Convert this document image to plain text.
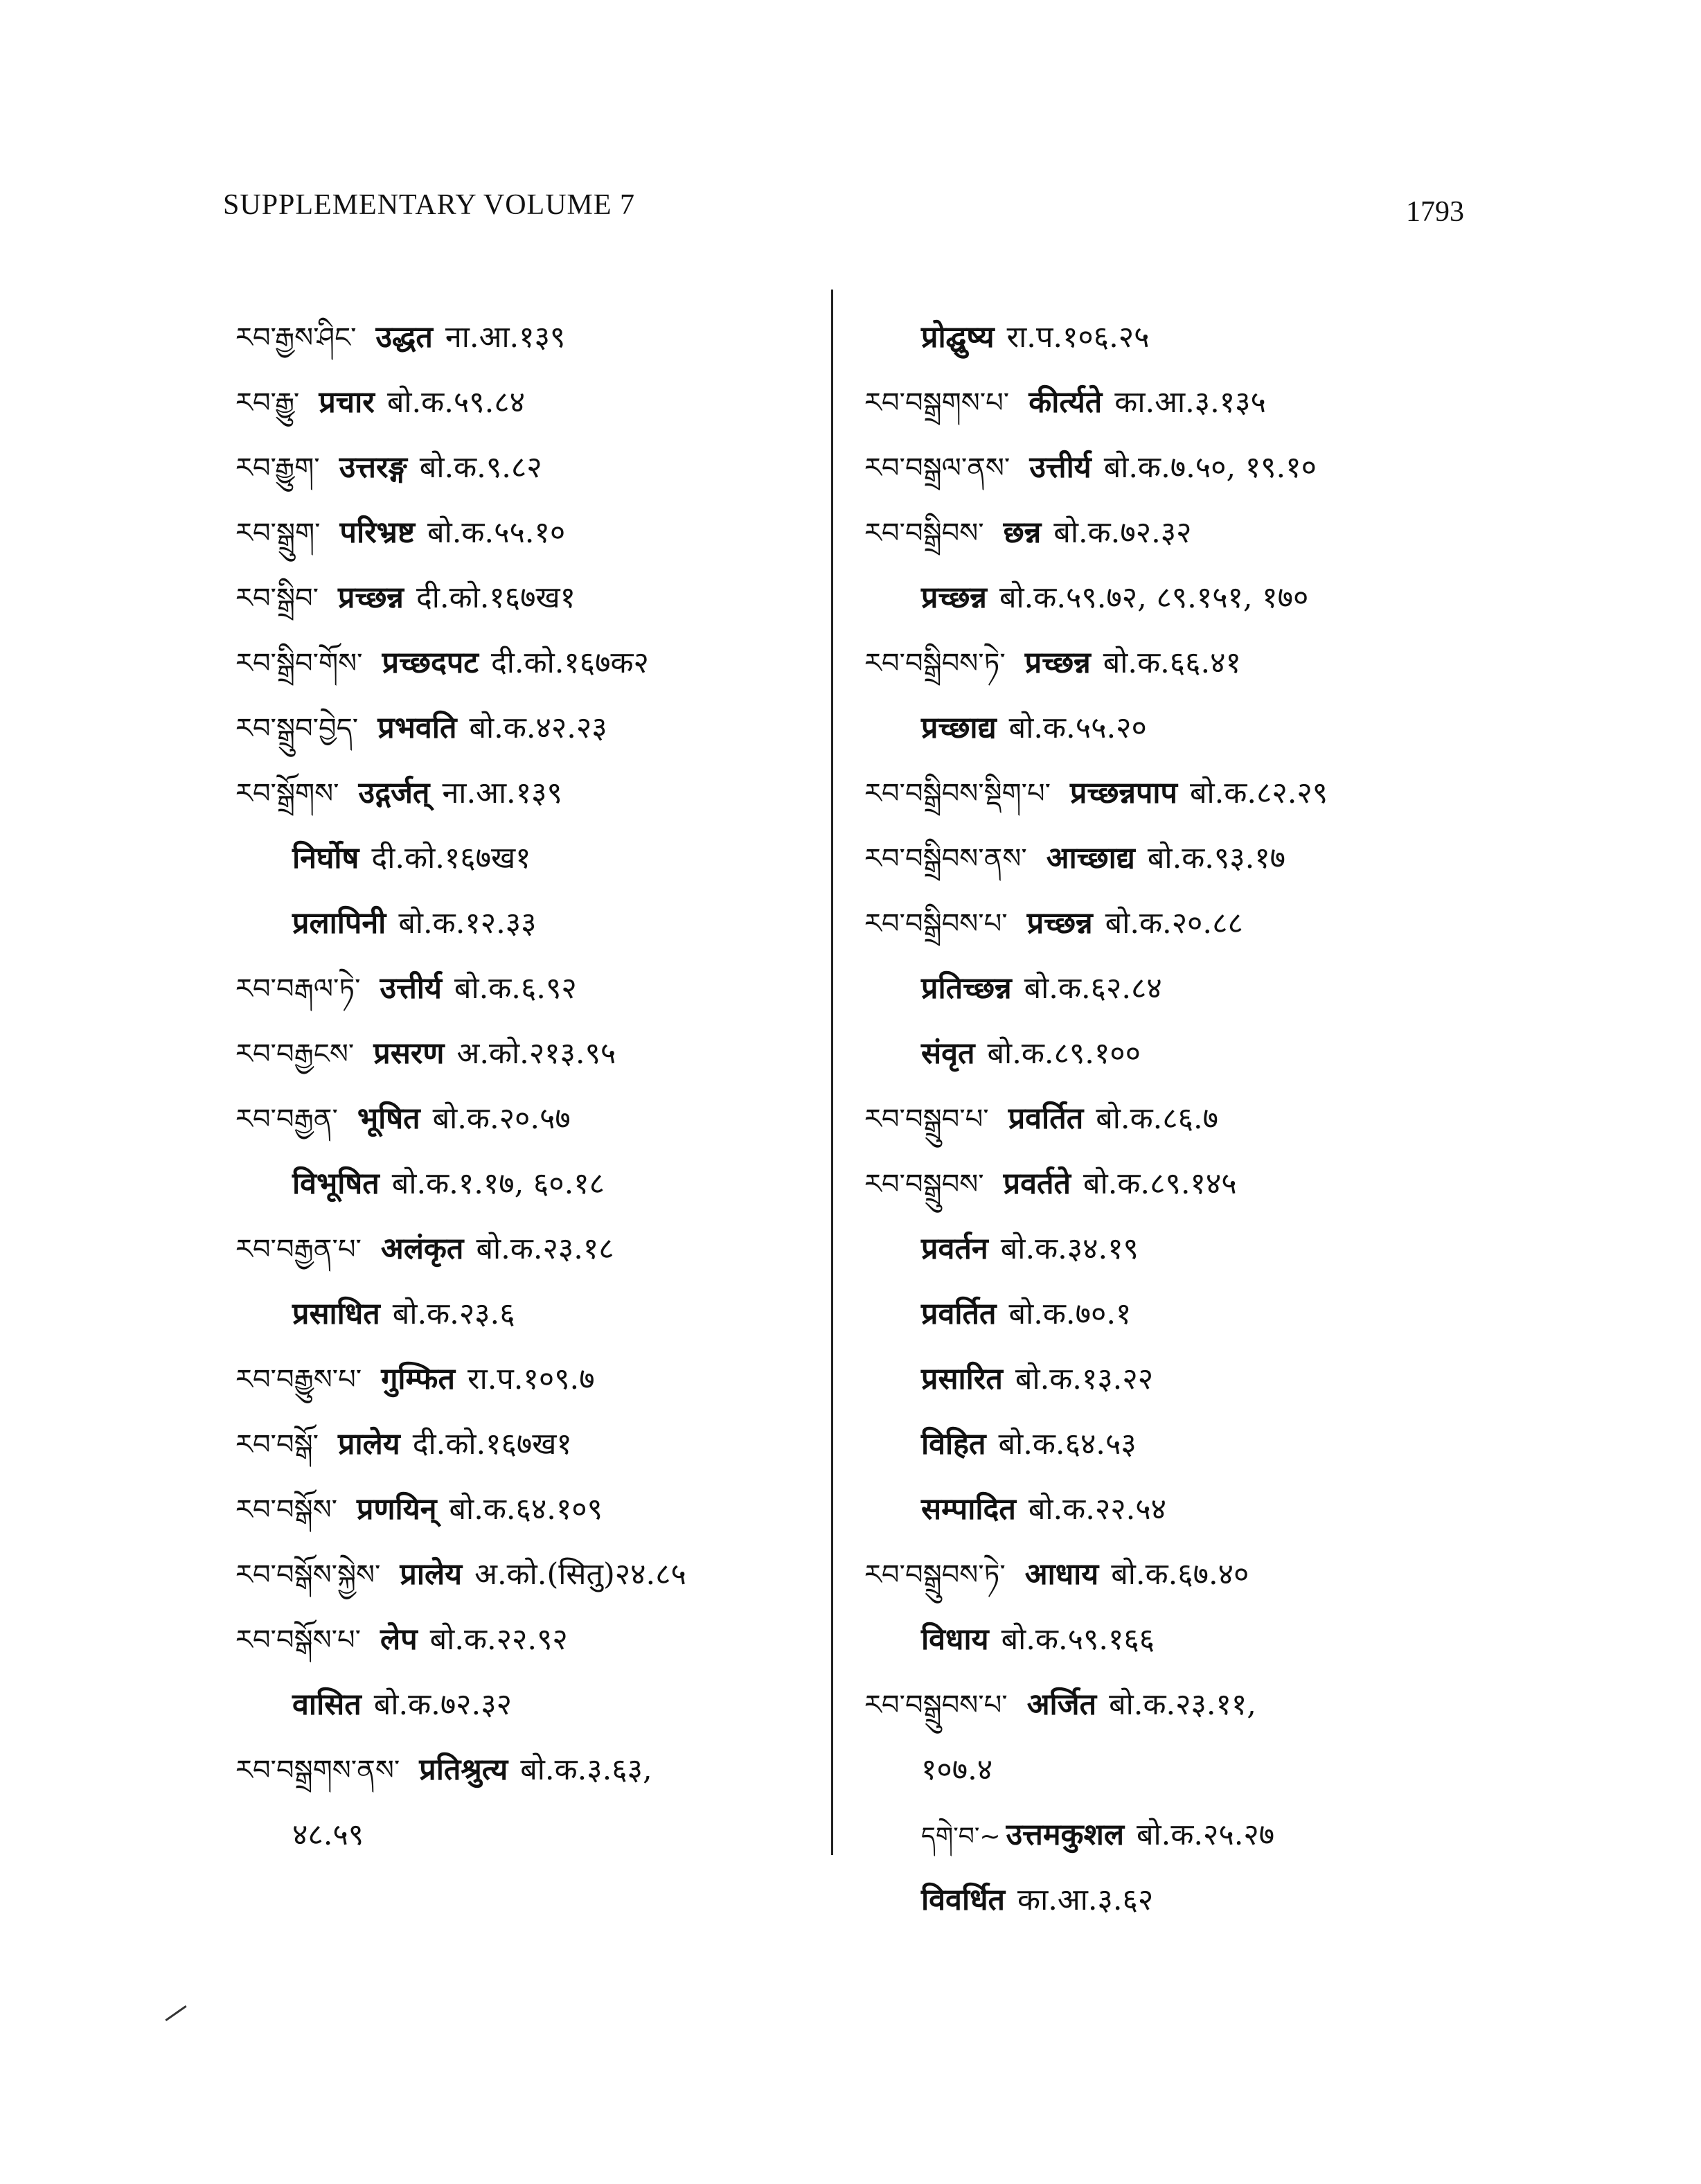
SUPPLEMENTARY VOLUME 7	1793
རབ་རྒྱས་ཤིང་ उद्धत ना.आ.१३९
རབ་རྒྱུ་ प्रचार बो.क.५९.८४
རབ་རྒྱུག་ उत्तरङ्ग बो.क.९.८२
རབ་སྒྲུག་ परिभ्रष्ट बो.क.५५.१०
རབ་སྒྲིབ་ प्रच्छन्न दी.को.१६७ख१
རབ་སྒྲིབ་གོས་ प्रच्छदपट दी.को.१६७क२
རབ་སྒྲུབ་བྱེད་ प्रभवति बो.क.४२.२३
རབ་སྒྲོགས་ उद्गर्जत् ना.आ.१३९
निर्घोष दी.को.१६७ख१
प्रलापिनी बो.क.१२.३३
རབ་བརྒལ་ཏེ་ उत्तीर्य बो.क.६.९२
རབ་བརྒྱངས་ प्रसरण अ.को.२१३.९५
རབ་བརྒྱན་ भूषित बो.क.२०.५७
विभूषित बो.क.१.१७, ६०.१८
རབ་བརྒྱན་པ་ अलंकृत बो.क.२३.१८
प्रसाधित बो.क.२३.६
རབ་བརྒྱུས་པ་ गुम्फित रा.प.१०९.७
རབ་བསྒོ་ प्रालेय दी.को.१६७ख१
རབ་བསྒོས་ प्रणयिन् बो.क.६४.१०९
རབ་བསྒོས་སྐྱེས་ प्रालेय अ.को.(सितु)२४.८५
རབ་བསྒོས་པ་ लेप बो.क.२२.९२
वासित बो.क.७२.३२
རབ་བསྒྲགས་ནས་ प्रतिश्रुत्य बो.क.३.६३,
४८.५९
प्रोद्घुष्य रा.प.१०६.२५
རབ་བསྒྲགས་པ་ कीर्त्यते का.आ.३.१३५
རབ་བསྒྲལ་ནས་ उत्तीर्य बो.क.७.५०, १९.१०
རབ་བསྒྲིབས་ छन्न बो.क.७२.३२
प्रच्छन्न बो.क.५९.७२, ८९.१५१, १७०
རབ་བསྒྲིབས་ཏེ་ प्रच्छन्न बो.क.६६.४१
प्रच्छाद्य बो.क.५५.२०
རབ་བསྒྲིབས་སྡིག་པ་ प्रच्छन्नपाप बो.क.८२.२९
རབ་བསྒྲིབས་ནས་ आच्छाद्य बो.क.९३.१७
རབ་བསྒྲིབས་པ་ प्रच्छन्न बो.क.२०.८८
प्रतिच्छन्न बो.क.६२.८४
संवृत बो.क.८९.१००
རབ་བསྒྲུབ་པ་ प्रवर्तित बो.क.८६.७
རབ་བསྒྲུབས་ प्रवर्तते बो.क.८९.१४५
प्रवर्तन बो.क.३४.१९
प्रवर्तित बो.क.७०.१
प्रसारित बो.क.१३.२२
विहित बो.क.६४.५३
सम्पादित बो.क.२२.५४
རབ་བསྒྲུབས་ཏེ་ आधाय बो.क.६७.४०
विधाय बो.क.५९.१६६
རབ་བསྒྲུབས་པ་ अर्जित बो.क.२३.११,
१०७.४
དགེ་བ་~ उत्तमकुशल बो.क.२५.२७
विवर्धित का.आ.३.६२
